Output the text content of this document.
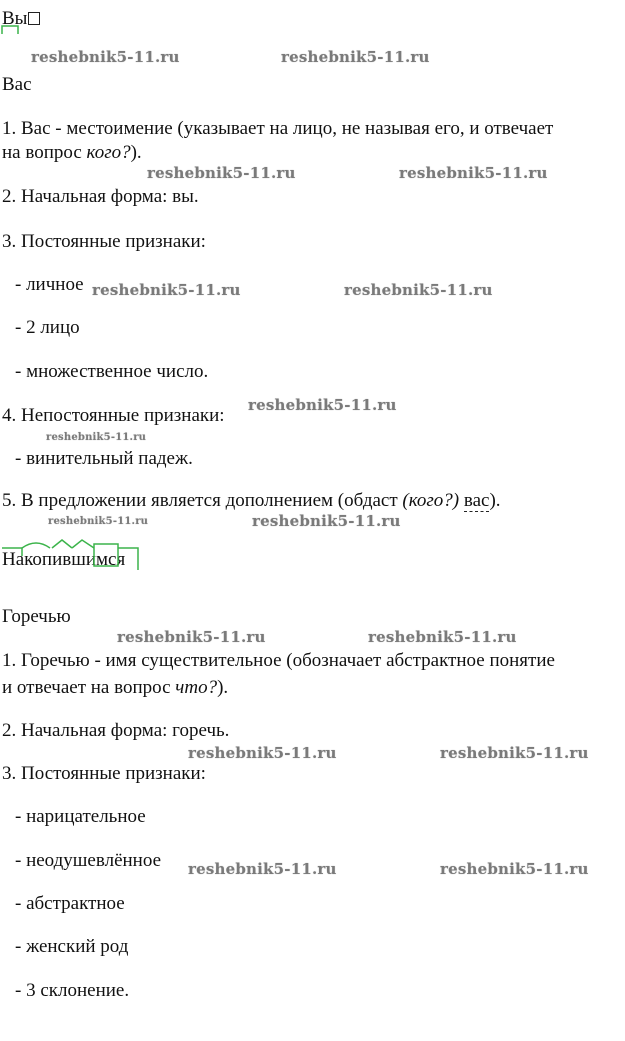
Вы
reshebnik5-11.ru	reshebnik5-11.ru
Вас
1. Вас - местоимение (указывает на лицо, не называя его, и отвечает
на вопрос кого?).
reshebnik5-11.ru	reshebnik5-11.ru
2. Начальная форма: вы.
3. Постоянные признаки:
- личное reshebnik5-11.ru	reshebnik5-11.ru
- 2 лицо
- множественное число.
4. Непостоянные признаки: reshebnik5-11.ru
reshebnik5-11.ru
- винительный падеж.
5. В предложении является дополнением (обдаст (кого?) вас).
reshebnik5-11.ru	reshebnik5-11.ru
Накопившимся
Горечью
reshebnik5-11.ru	reshebnik5-11.ru
1. Горечью - имя существительное (обозначает абстрактное понятие
и отвечает на вопрос что?).
2. Начальная форма: горечь.
reshebnik5-11.ru	reshebnik5-11.ru
3. Постоянные признаки:
- нарицательное
- неодушевлённое reshebnik5-11.ru	reshebnik5-11.ru
- абстрактное
- женский род
- 3 склонение.
